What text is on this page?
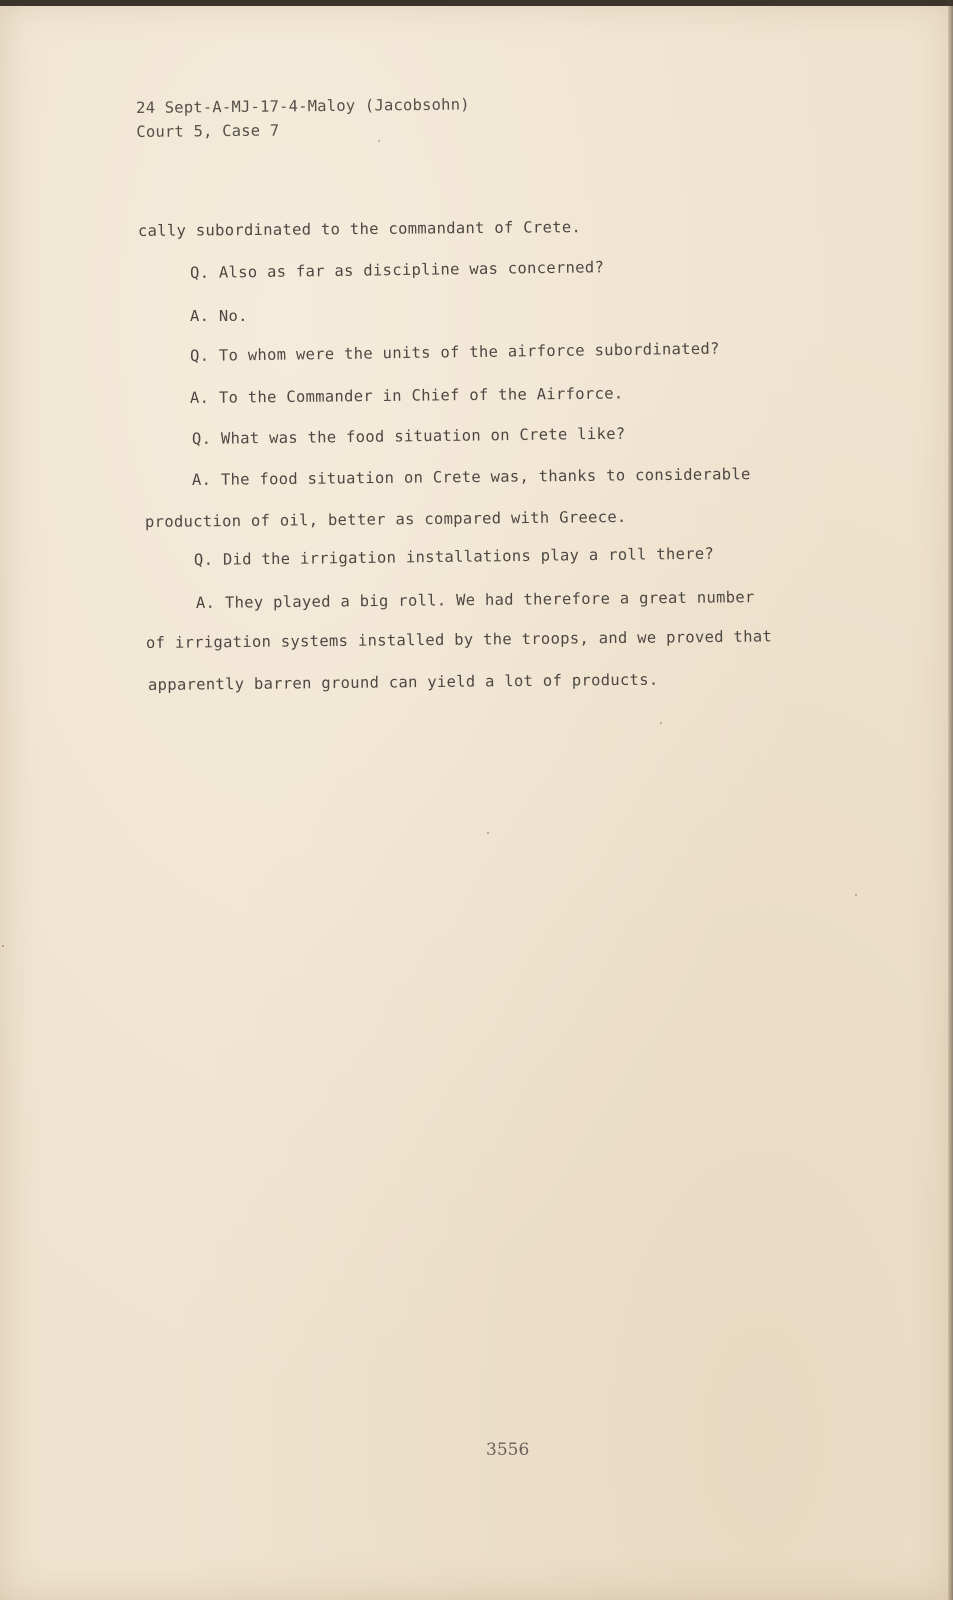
24 Sept-A-MJ-17-4-Maloy (Jacobsohn)
Court 5, Case 7
cally subordinated to the commandant of Crete.
Q. Also as far as discipline was concerned?
A. No.
Q. To whom were the units of the airforce subordinated?
A. To the Commander in Chief of the Airforce.
Q. What was the food situation on Crete like?
A. The food situation on Crete was, thanks to considerable
production of oil, better as compared with Greece.
Q. Did the irrigation installations play a roll there?
A. They played a big roll. We had therefore a great number
of irrigation systems installed by the troops, and we proved that
apparently barren ground can yield a lot of products.
3556
